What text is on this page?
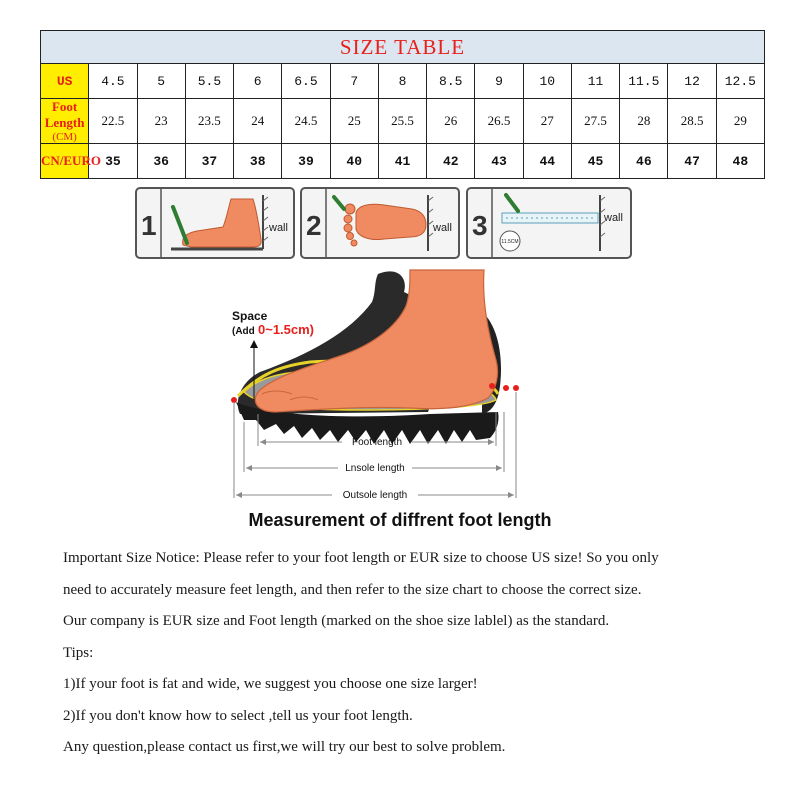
SIZE TABLE														
US	4.5	5	5.5	6	6.5	7	8	8.5	9	10	11	11.5	12	12.5
Foot Length
(CM)	22.5	23	23.5	24	24.5	25	25.5	26	26.5	27	27.5	28	28.5	29
CN/EURO	35	36	37	38	39	40	41	42	43	44	45	46	47	48
1	wall 2	wall 3
11.5CM
wall
Space
(Add 0~1.5cm)
Foot length
Lnsole length
Outsole length
Measurement of diffrent foot length

Important Size Notice: Please refer to your foot length or EUR size to choose US size! So you only

need to accurately measure feet length, and then refer to the size chart to choose the correct size.

Our company is EUR size and Foot length (marked on the shoe size lablel) as the standard.

Tips:

1)If your foot is fat and wide, we suggest you choose one size larger!

2)If you don't know how to select ,tell us your foot length.

Any question,please contact us first,we will try our best to solve problem.
